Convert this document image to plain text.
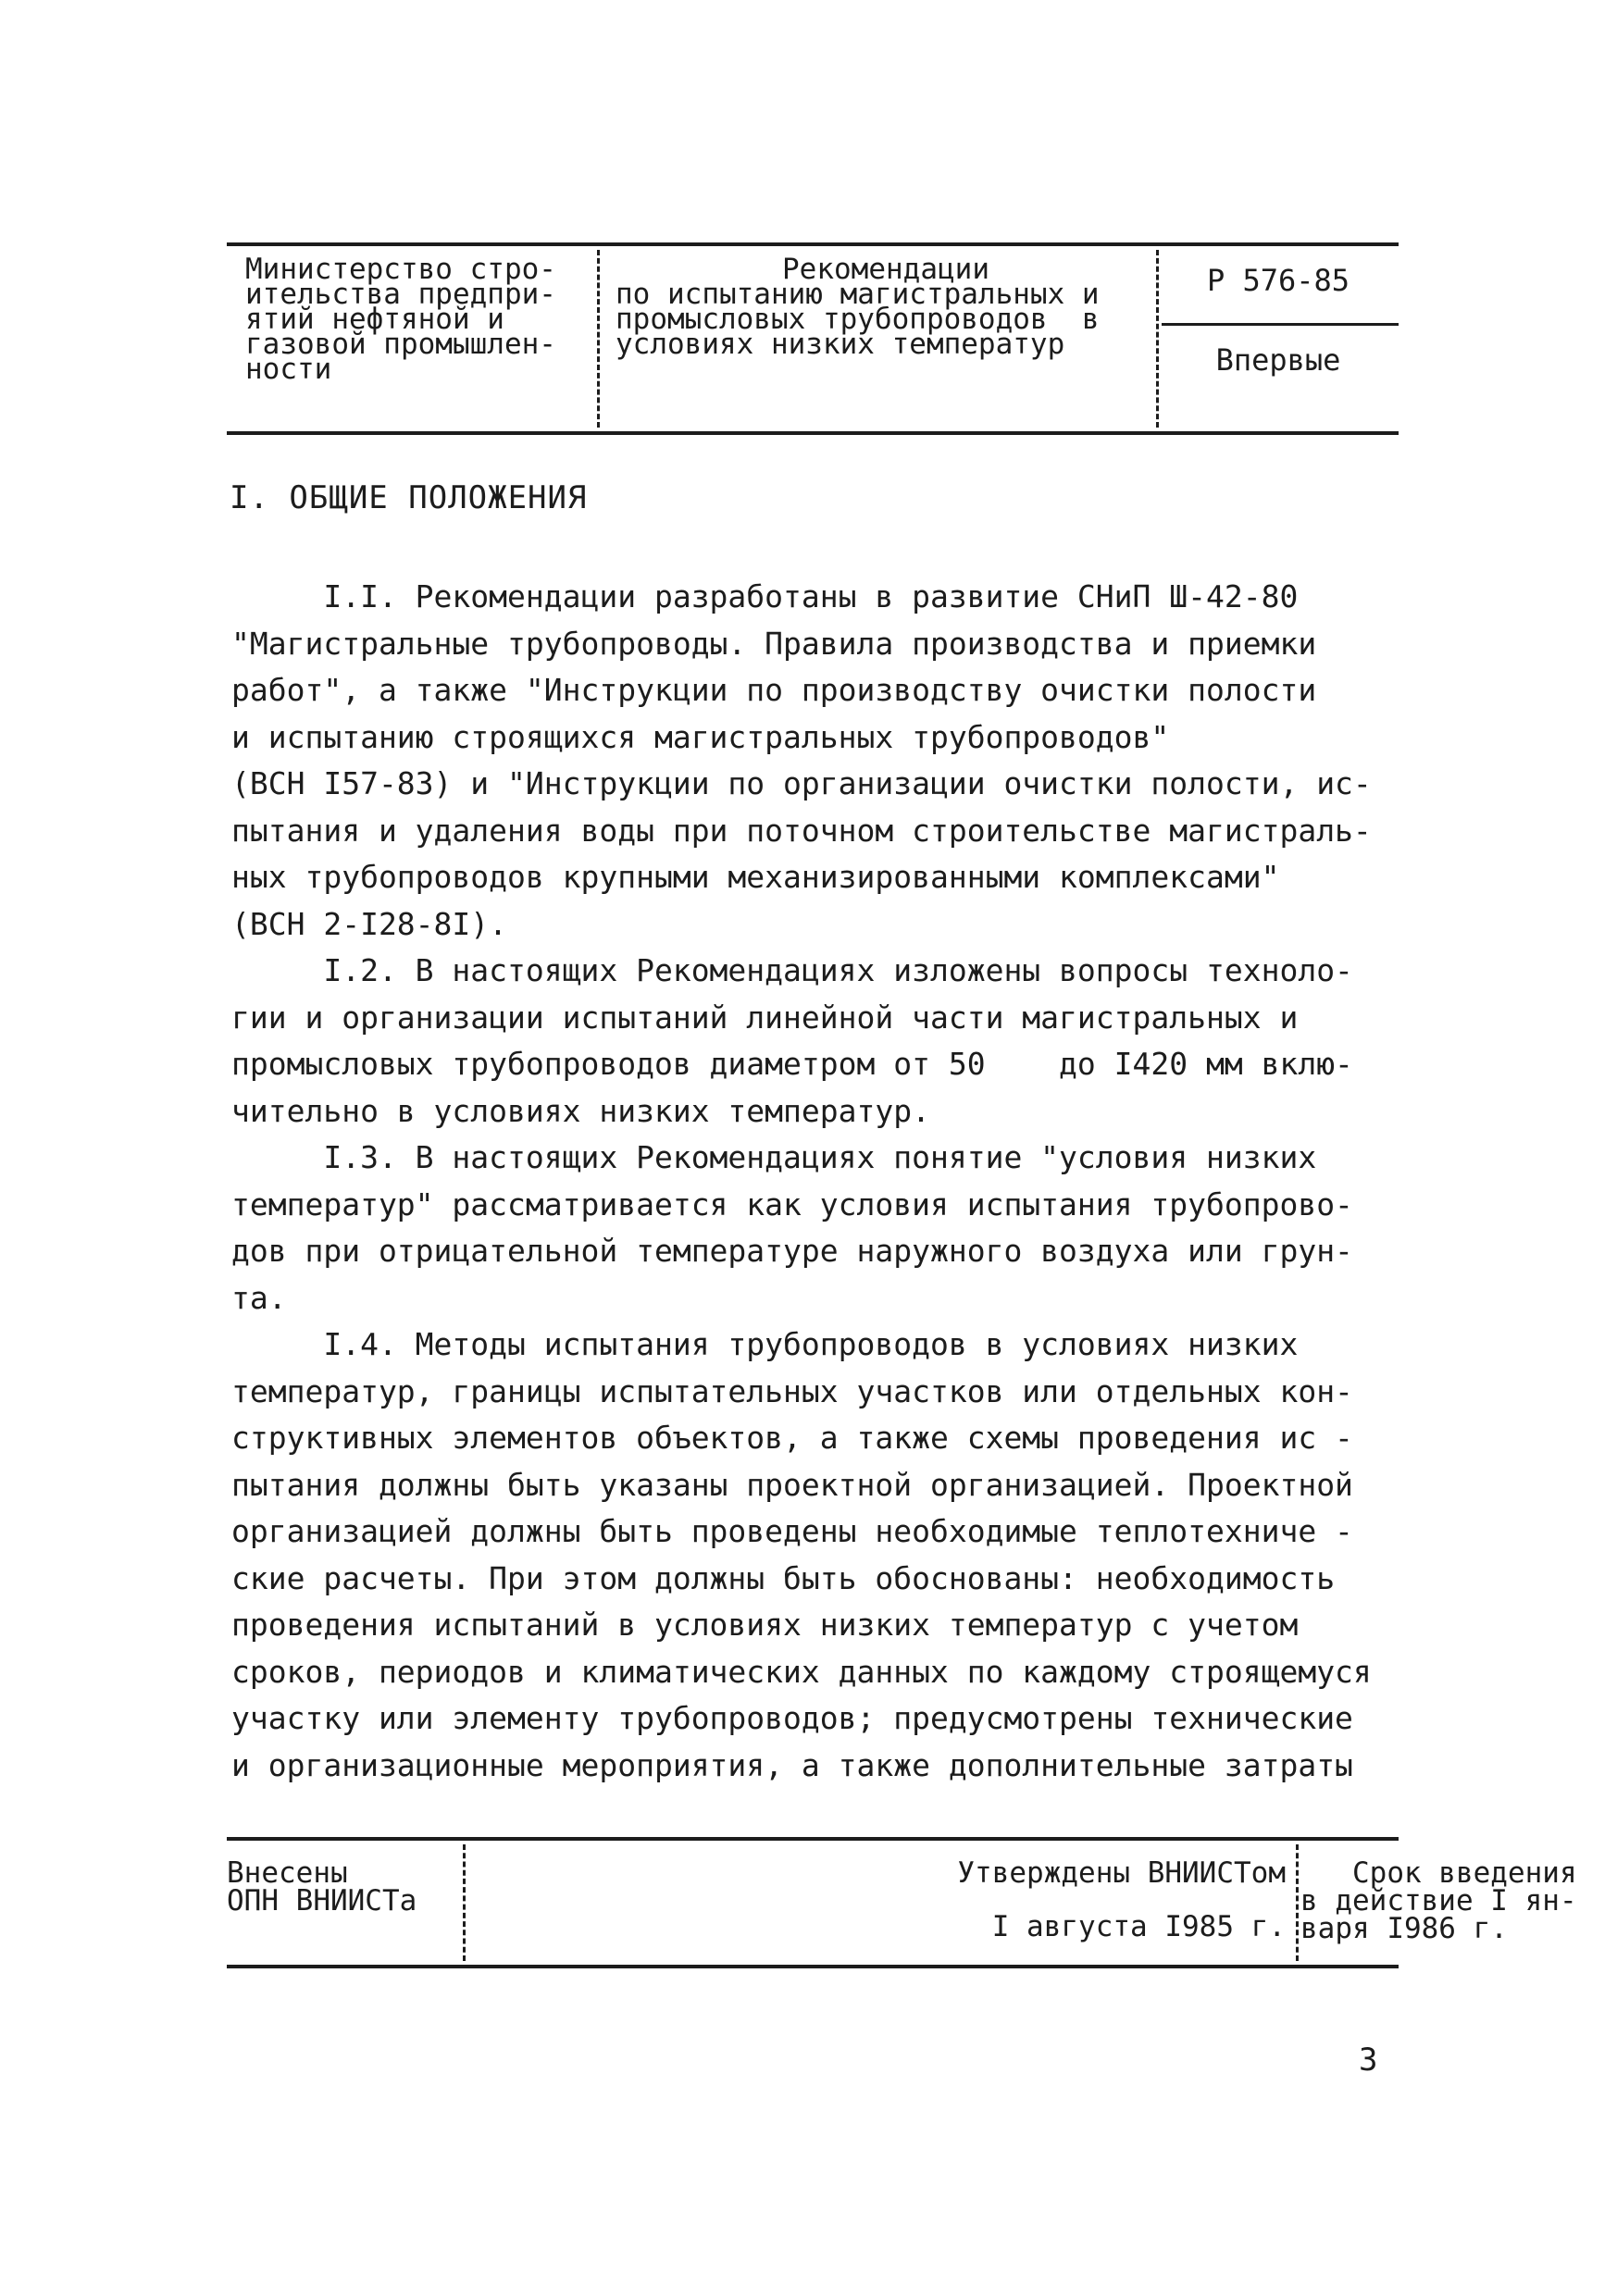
Министерство стро-
ительства предпри-
ятий нефтяной и
газовой промышлен-
ности
Рекомендации
по испытанию магистральных и
промысловых трубопроводов  в
условиях низких температур
Р 576-85
Впервые
I. ОБЩИЕ ПОЛОЖЕНИЯ
I.I. Рекомендации разработаны в развитие СНиП Ш-42-80
"Магистральные трубопроводы. Правила производства и приемки
работ", а также "Инструкции по производству очистки полости
и испытанию строящихся магистральных трубопроводов"
(ВСН I57-83) и "Инструкции по организации очистки полости, ис-
пытания и удаления воды при поточном строительстве магистраль-
ных трубопроводов крупными механизированными комплексами"
(ВСН 2-I28-8I).
I.2. В настоящих Рекомендациях изложены вопросы техноло-
гии и организации испытаний линейной части магистральных и
промысловых трубопроводов диаметром от 50    до I420 мм вклю-
чительно в условиях низких температур.
I.3. В настоящих Рекомендациях понятие "условия низких
температур" рассматривается как условия испытания трубопрово-
дов при отрицательной температуре наружного воздуха или грун-
та.
I.4. Методы испытания трубопроводов в условиях низких
температур, границы испытательных участков или отдельных кон-
структивных элементов объектов, а также схемы проведения ис -
пытания должны быть указаны проектной организацией. Проектной
организацией должны быть проведены необходимые теплотехниче -
ские расчеты. При этом должны быть обоснованы: необходимость
проведения испытаний в условиях низких температур с учетом
сроков, периодов и климатических данных по каждому строящемуся
участку или элементу трубопроводов; предусмотрены технические
и организационные мероприятия, а также дополнительные затраты
Внесены
ОПН ВНИИСТа
Утверждены ВНИИСТом
I августа I985 г.
Срок введения
в действие I ян-
варя I986 г.
3
